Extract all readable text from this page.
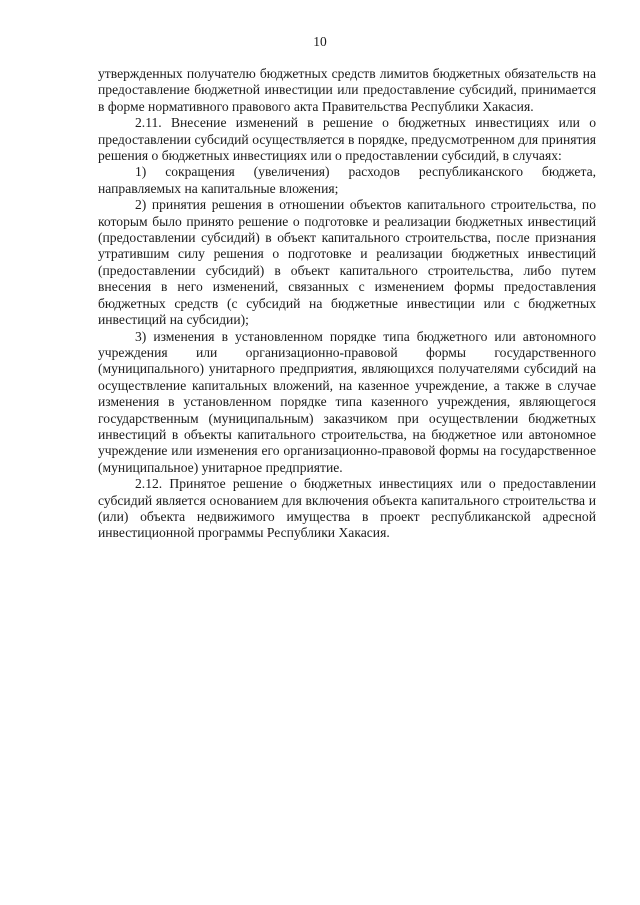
10

утвержденных получателю бюджетных средств лимитов бюджетных обязательств на предоставление бюджетной инвестиции или предоставление субсидий, принимается в форме нормативного правового акта Правительства Республики Хакасия.

2.11. Внесение изменений в решение о бюджетных инвестициях или о предоставлении субсидий осуществляется в порядке, предусмотренном для принятия решения о бюджетных инвестициях или о предоставлении субсидий, в случаях:

1) сокращения (увеличения) расходов республиканского бюджета, направляемых на капитальные вложения;

2) принятия решения в отношении объектов капитального строительства, по которым было принято решение о подготовке и реализации бюджетных инвестиций (предоставлении субсидий) в объект капитального строительства, после признания утратившим силу решения о подготовке и реализации бюджетных инвестиций (предоставлении субсидий) в объект капитального строительства, либо путем внесения в него изменений, связанных с изменением формы предоставления бюджетных средств (с субсидий на бюджетные инвестиции или с бюджетных инвестиций на субсидии);

3) изменения в установленном порядке типа бюджетного или автономного учреждения или организационно-правовой формы государственного (муниципального) унитарного предприятия, являющихся получателями субсидий на осуществление капитальных вложений, на казенное учреждение, а также в случае изменения в установленном порядке типа казенного учреждения, являющегося государственным (муниципальным) заказчиком при осуществлении бюджетных инвестиций в объекты капитального строительства, на бюджетное или автономное учреждение или изменения его организационно-правовой формы на государственное (муниципальное) унитарное предприятие.

2.12. Принятое решение о бюджетных инвестициях или о предоставлении субсидий является основанием для включения объекта капитального строительства и (или) объекта недвижимого имущества в проект республиканской адресной инвестиционной программы Республики Хакасия.
